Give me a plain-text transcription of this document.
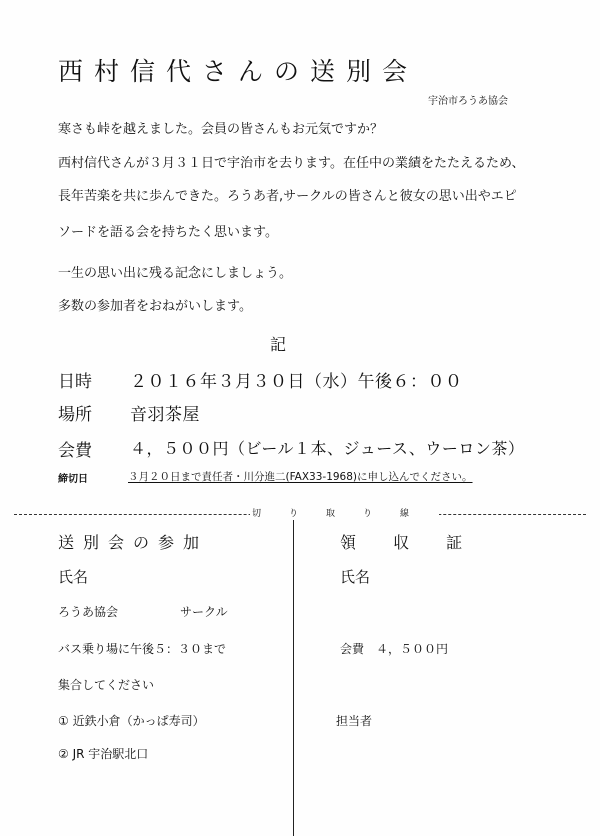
西村信代さんの送別会
宇治市ろうあ協会
寒さも峠を越えました。会員の皆さんもお元気ですか？
西村信代さんが３月３１日で宇治市を去ります。在任中の業績をたたえるため、
長年苦楽を共に歩んできた。ろうあ者,サークルの皆さんと彼女の思い出やエピ
ソードを語る会を持ちたく思います。
一生の思い出に残る記念にしましょう。
多数の参加者をおねがいします。
記
日時 ２０１６年３月３０日（水）午後６：００
場所 音羽茶屋
会費 ４，５００円（ビール１本、ジュース、ウーロン茶）
締切日	３月２０日まで責任者・川分進二(FAX33-1968)に申し込んでください。
切り取り線
送別会の参加
氏名
ろうあ協会	サークル
バス乗り場に午後５：３０まで
集合してください
① 近鉄小倉（かっぱ寿司）
② JR 宇治駅北口
領 収 証
氏名
会費　４，５００円
担当者
